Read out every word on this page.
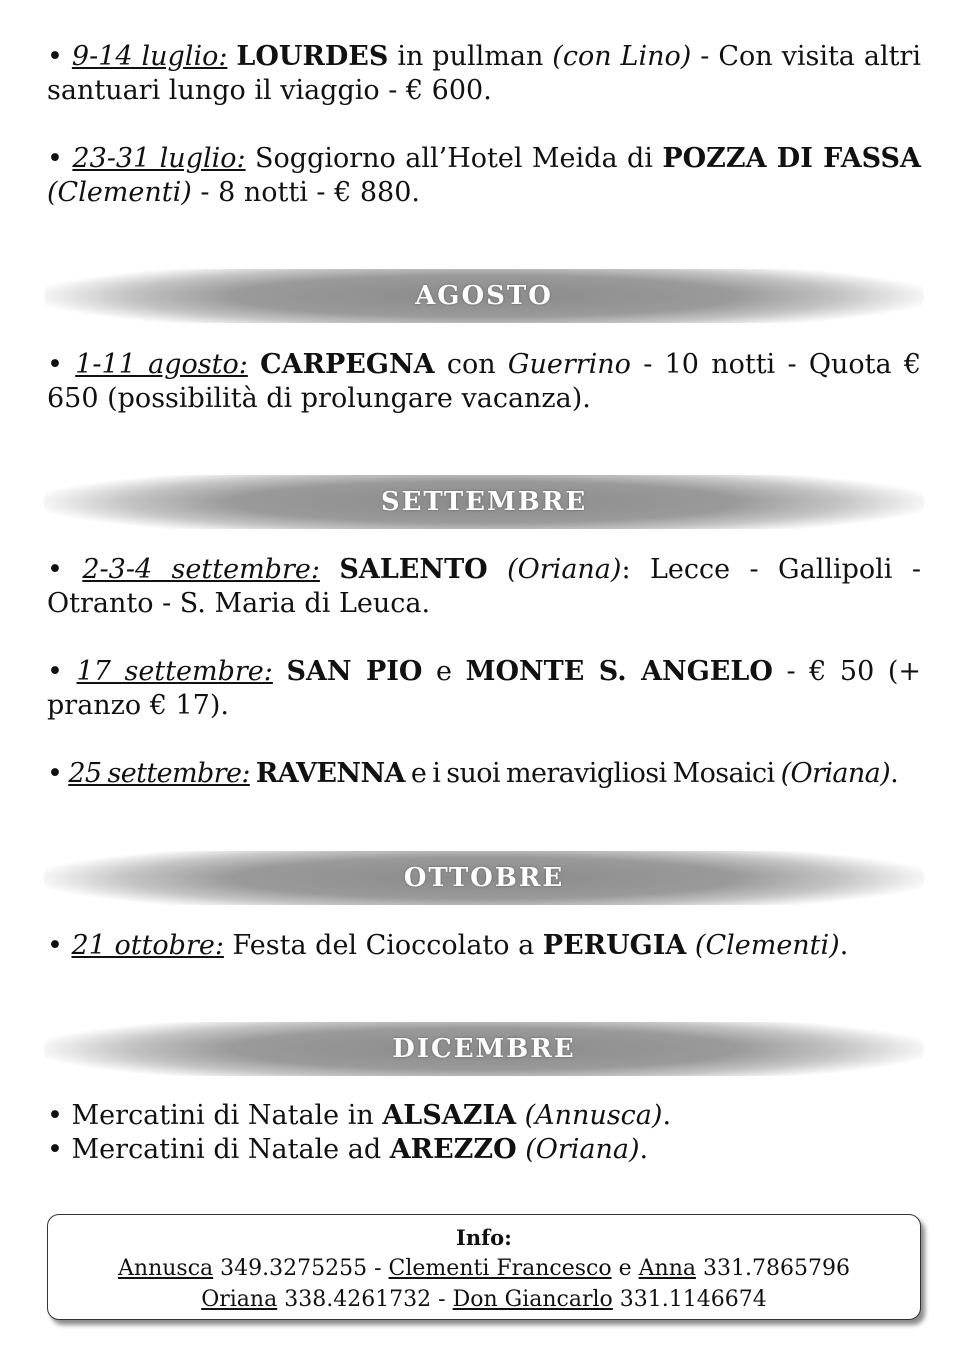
• 9-14 luglio: LOURDES in pullman (con Lino) - Con visita altri santuari lungo il viaggio - € 600.

• 23-31 luglio: Soggiorno all’Hotel Meida di POZZA DI FASSA (Clementi) - 8 notti - € 880.

AGOSTO

• 1-11 agosto: CARPEGNA con Guerrino - 10 notti - Quota € 650 (possibilità di prolungare vacanza).

SETTEMBRE

• 2-3-4 settembre: SALENTO (Oriana): Lecce - Gallipoli - Otranto - S. Maria di Leuca.

• 17 settembre: SAN PIO e MONTE S. ANGELO - € 50 (+ pranzo € 17).

• 25 settembre: RAVENNA e i suoi meravigliosi Mosaici (Oriana).

OTTOBRE

• 21 ottobre: Festa del Cioccolato a PERUGIA (Clementi).

DICEMBRE

• Mercatini di Natale in ALSAZIA (Annusca).

• Mercatini di Natale ad AREZZO (Oriana).

Info:
Annusca 349.3275255 - Clementi Francesco e Anna 331.7865796
Oriana 338.4261732 - Don Giancarlo 331.1146674
